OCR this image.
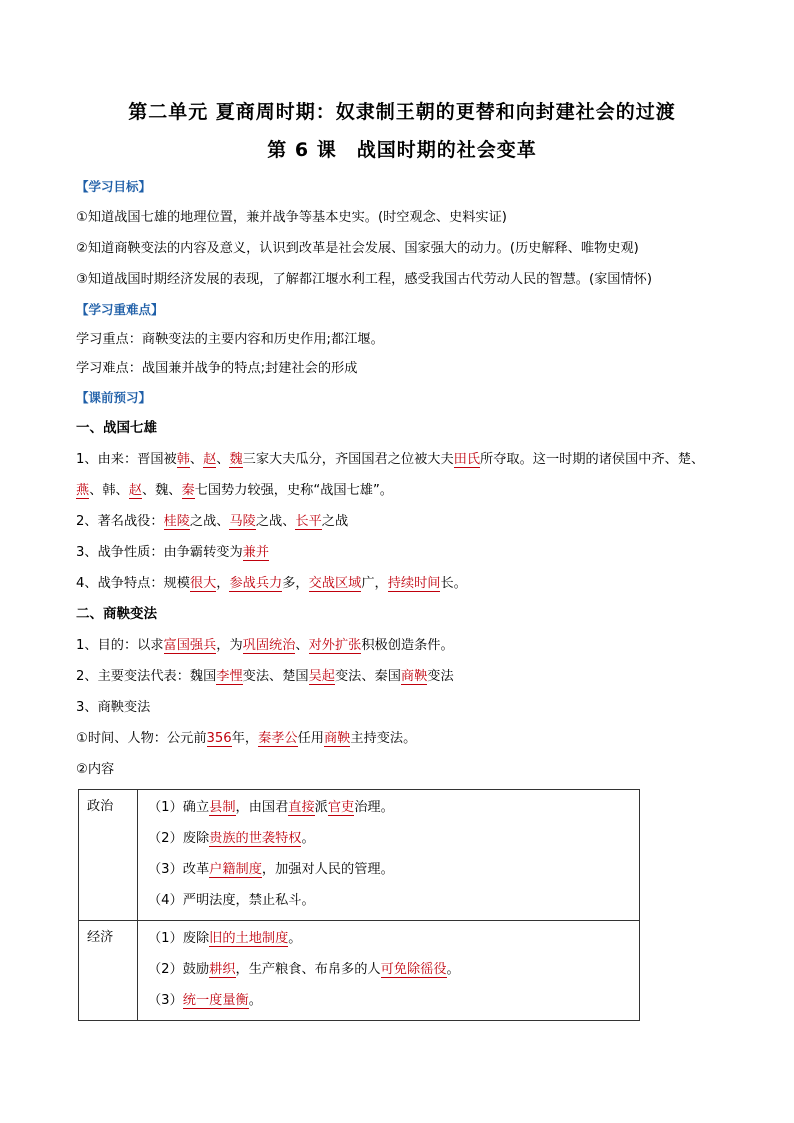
第二单元 夏商周时期：奴隶制王朝的更替和向封建社会的过渡
第 6 课 战国时期的社会变革
【学习目标】
①知道战国七雄的地理位置，兼并战争等基本史实。(时空观念、史料实证)
②知道商鞅变法的内容及意义，认识到改革是社会发展、国家强大的动力。(历史解释、唯物史观)
③知道战国时期经济发展的表现，了解都江堰水利工程，感受我国古代劳动人民的智慧。(家国情怀)
【学习重难点】
学习重点：商鞅变法的主要内容和历史作用;都江堰。
学习难点：战国兼并战争的特点;封建社会的形成
【课前预习】
一、战国七雄
1、由来：晋国被韩、赵、魏三家大夫瓜分，齐国国君之位被大夫田氏所夺取。这一时期的诸侯国中齐、楚、
燕、韩、赵、魏、秦七国势力较强，史称“战国七雄”。
2、著名战役：桂陵之战、马陵之战、长平之战
3、战争性质：由争霸转变为兼并
4、战争特点：规模很大，参战兵力多，交战区域广，持续时间长。
二、商鞅变法
1、目的：以求富国强兵，为巩固统治、对外扩张积极创造条件。
2、主要变法代表：魏国李悝变法、楚国吴起变法、秦国商鞅变法
3、商鞅变法
①时间、人物：公元前356年，秦孝公任用商鞅主持变法。
②内容
政治	（1）确立县制，由国君直接派官吏治理。
（2）废除贵族的世袭特权。
（3）改革户籍制度，加强对人民的管理。
（4）严明法度，禁止私斗。

经济	（1）废除旧的土地制度。
（2）鼓励耕织，生产粮食、布帛多的人可免除徭役。
（3）统一度量衡。
